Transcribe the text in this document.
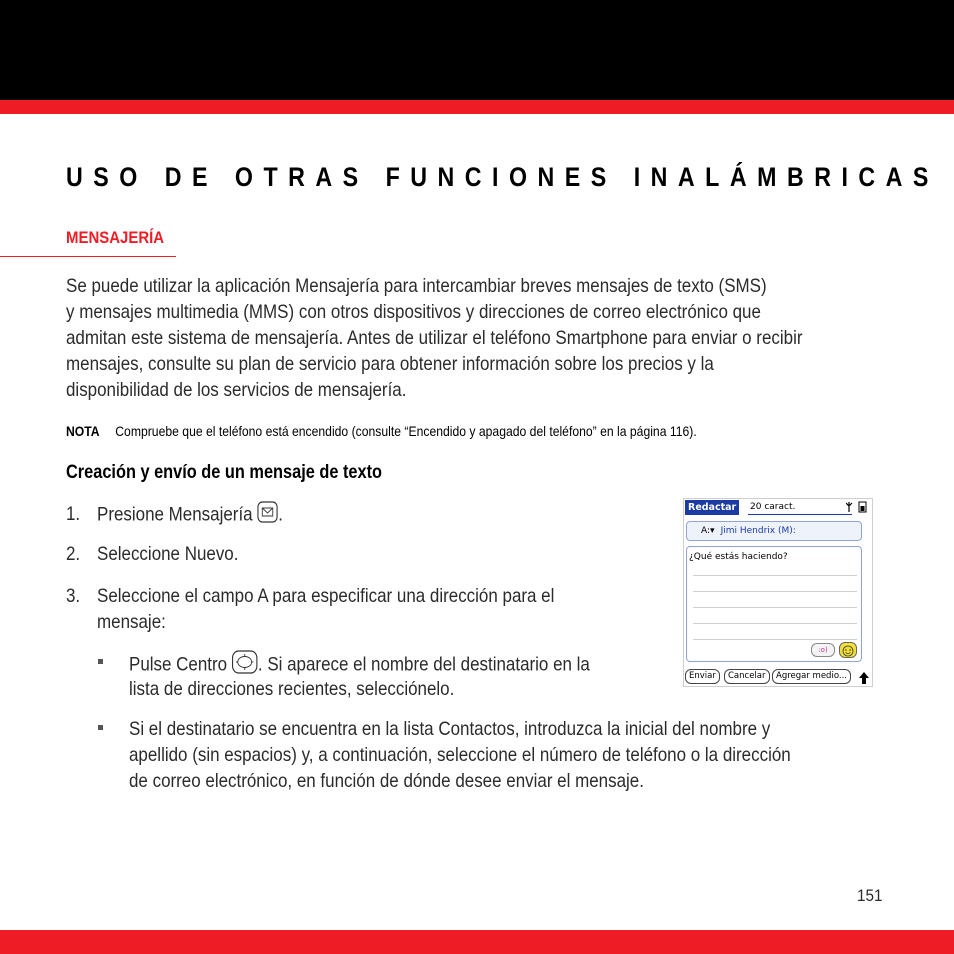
USO DE OTRAS FUNCIONES INALÁMBRICAS
MENSAJERÍA
Se puede utilizar la aplicación Mensajería para intercambiar breves mensajes de texto (SMS)
y mensajes multimedia (MMS) con otros dispositivos y direcciones de correo electrónico que
admitan este sistema de mensajería. Antes de utilizar el teléfono Smartphone para enviar o recibir
mensajes, consulte su plan de servicio para obtener información sobre los precios y la
disponibilidad de los servicios de mensajería.
NOTA Compruebe que el teléfono está encendido (consulte “Encendido y apagado del teléfono” en la página 116).
Creación y envío de un mensaje de texto
1. Presione Mensajería .
2. Seleccione Nuevo.
3. Seleccione el campo A para especificar una dirección para el
mensaje:
Pulse Centro . Si aparece el nombre del destinatario en la
lista de direcciones recientes, selecciónelo.
Si el destinatario se encuentra en la lista Contactos, introduzca la inicial del nombre y
apellido (sin espacios) y, a continuación, seleccione el número de teléfono o la dirección
de correo electrónico, en función de dónde desee enviar el mensaje.
Redactar	20 caract.
A:▾ Jimi Hendrix (M):
¿Qué estás haciendo?
:o)
Enviar	Cancelar	Agregar medio...
151
